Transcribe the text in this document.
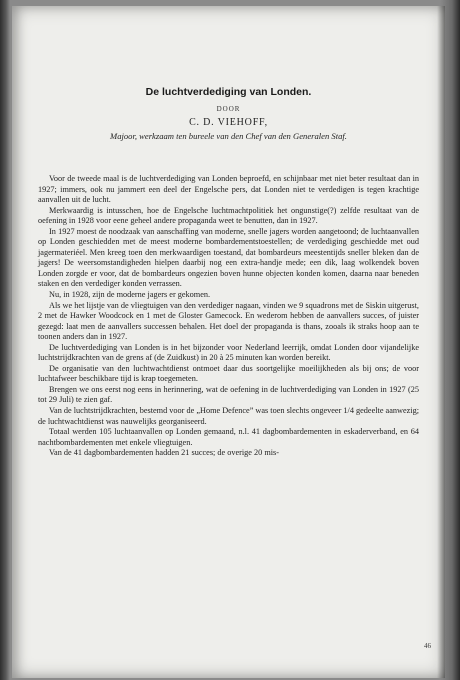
De luchtverdediging van Londen.
DOOR
C. D. VIEHOFF,
Majoor, werkzaam ten bureele van den Chef van den Generalen Staf.

Voor de tweede maal is de luchtverdediging van Londen beproefd, en schijnbaar met niet beter resultaat dan in 1927; immers, ook nu jammert een deel der Engelsche pers, dat Londen niet te verdedigen is tegen krachtige aanvallen uit de lucht.

Merkwaardig is intusschen, hoe de Engelsche luchtmachtpolitiek het ongunstige(?) zelfde resultaat van de oefening in 1928 voor eene geheel andere propaganda weet te benutten, dan in 1927.

In 1927 moest de noodzaak van aanschaffing van moderne, snelle jagers worden aangetoond; de luchtaanvallen op Londen geschiedden met de meest moderne bombardementstoestellen; de verdediging geschiedde met oud jagermateriéel. Men kreeg toen den merkwaardigen toestand, dat bombardeurs meestentijds sneller bleken dan de jagers! De weersomstandigheden hielpen daarbij nog een extra-handje mede; een dik, laag wolkendek boven Londen zorgde er voor, dat de bombardeurs ongezien boven hunne objecten konden komen, daarna naar beneden staken en den verdediger konden verrassen.

Nu, in 1928, zijn de moderne jagers er gekomen.

Als we het lijstje van de vliegtuigen van den verdediger nagaan, vinden we 9 squadrons met de Siskin uitgerust, 2 met de Hawker Woodcock en 1 met de Gloster Gamecock. En wederom hebben de aanvallers succes, of juister gezegd: laat men de aanvallers successen behalen. Het doel der propaganda is thans, zooals ik straks hoop aan te toonen anders dan in 1927.

De luchtverdediging van Londen is in het bijzonder voor Nederland leerrijk, omdat Londen door vijandelijke luchtstrijdkrachten van de grens af (de Zuidkust) in 20 à 25 minuten kan worden bereikt.

De organisatie van den luchtwachtdienst ontmoet daar dus soortgelijke moeilijkheden als bij ons; de voor luchtafweer beschikbare tijd is krap toegemeten.

Brengen we ons eerst nog eens in herinnering, wat de oefening in de luchtverdediging van Londen in 1927 (25 tot 29 Juli) te zien gaf.

Van de luchtstrijdkrachten, bestemd voor de „Home Defence” was toen slechts ongeveer 1/4 gedeelte aanwezig; de luchtwachtdienst was nauwelijks georganiseerd.

Totaal werden 105 luchtaanvallen op Londen gemaand, n.l. 41 dagbombardementen in eskaderverband, en 64 nachtbombardementen met enkele vliegtuigen.

Van de 41 dagbombardementen hadden 21 succes; de overige 20 mis-

46
